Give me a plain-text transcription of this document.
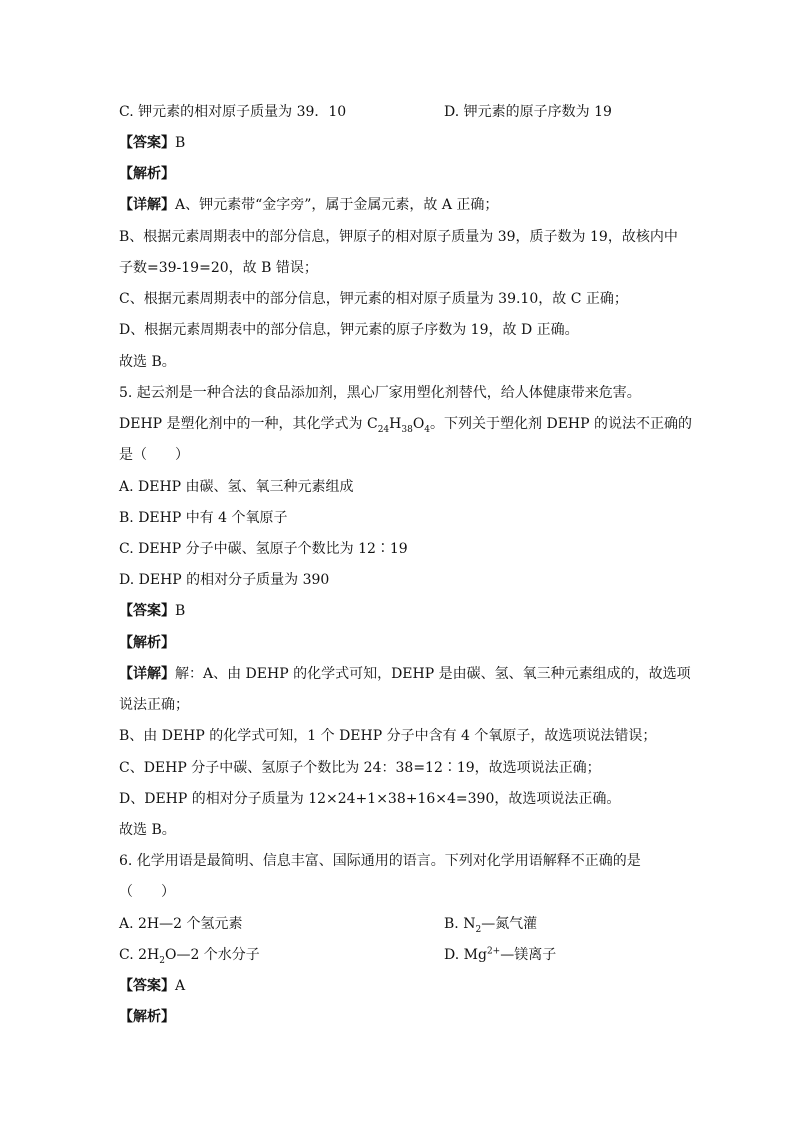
C. 钾元素的相对原子质量为 39．10	D. 钾元素的原子序数为 19
【答案】B
【解析】
【详解】A、钾元素带“金字旁”，属于金属元素，故 A 正确；
B、根据元素周期表中的部分信息，钾原子的相对原子质量为 39，质子数为 19，故核内中
子数=39-19=20，故 B 错误；
C、根据元素周期表中的部分信息，钾元素的相对原子质量为 39.10，故 C 正确；
D、根据元素周期表中的部分信息，钾元素的原子序数为 19，故 D 正确。
故选 B。
5. 起云剂是一种合法的食品添加剂，黑心厂家用塑化剂替代，给人体健康带来危害。
DEHP 是塑化剂中的一种，其化学式为 $C_{24}H_{38}O_4$。下列关于塑化剂 DEHP 的说法不正确的
是（　　）
A. DEHP 由碳、氢、氧三种元素组成
B. DEHP 中有 4 个氧原子
C. DEHP 分子中碳、氢原子个数比为 12∶19
D. DEHP 的相对分子质量为 390
【答案】B
【解析】
【详解】解：A、由 DEHP 的化学式可知，DEHP 是由碳、氢、氧三种元素组成的，故选项
说法正确；
B、由 DEHP 的化学式可知，1 个 DEHP 分子中含有 4 个氧原子，故选项说法错误；
C、DEHP 分子中碳、氢原子个数比为 24：38=12∶19，故选项说法正确；
D、DEHP 的相对分子质量为 12×24+1×38+16×4=390，故选项说法正确。
故选 B。
6. 化学用语是最简明、信息丰富、国际通用的语言。下列对化学用语解释不正确的是
（　　）
A. 2H—2 个氢元素	B. $N_2—$氮气灌
C. $2H_2O—2$ 个水分子	D. $Mg^{2+}—$镁离子
【答案】A
【解析】
